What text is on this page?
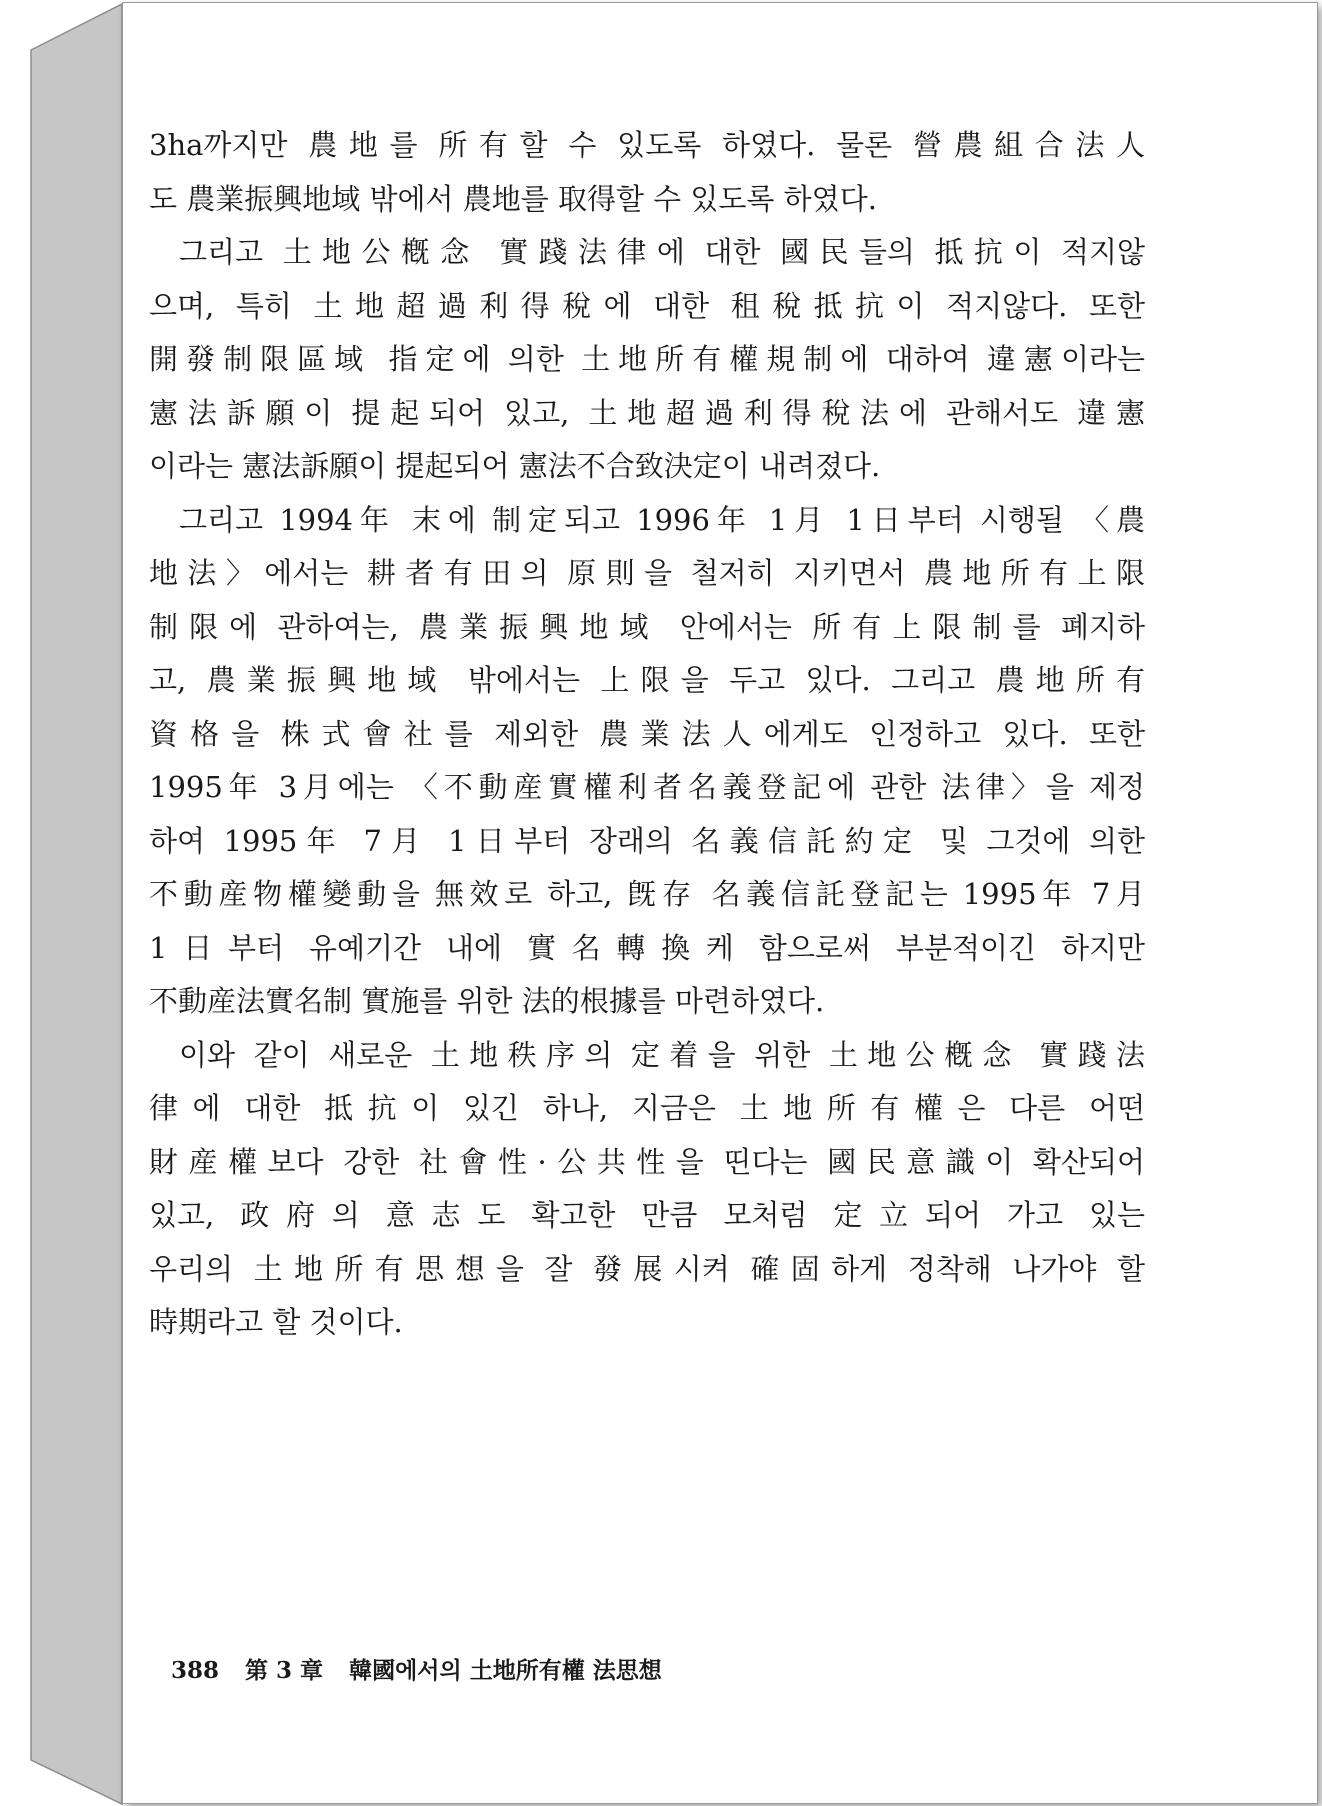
3ha까지만 農地를 所有할 수 있도록 하였다. 물론 營農組合法人
도 農業振興地域 밖에서 農地를 取得할 수 있도록 하였다.
그리고 土地公槪念 實踐法律에 대한 國民들의 抵抗이 적지않
으며, 특히 土地超過利得稅에 대한 租稅抵抗이 적지않다. 또한
開發制限區域 指定에 의한 土地所有權規制에 대하여 違憲이라는
憲法訴願이 提起되어 있고, 土地超過利得稅法에 관해서도 違憲
이라는 憲法訴願이 提起되어 憲法不合致決定이 내려졌다.
그리고 1994年 末에 制定되고 1996年 1月 1日부터 시행될 〈農
地法〉에서는 耕者有田의 原則을 철저히 지키면서 農地所有上限
制限에 관하여는, 農業振興地域 안에서는 所有上限制를 폐지하
고, 農業振興地域 밖에서는 上限을 두고 있다. 그리고 農地所有
資格을 株式會社를 제외한 農業法人에게도 인정하고 있다. 또한
1995年 3月에는 〈不動産實權利者名義登記에 관한 法律〉을 제정
하여 1995年 7月 1日부터 장래의 名義信託約定 및 그것에 의한
不動産物權變動을 無效로 하고, 旣存 名義信託登記는 1995年 7月
1日부터 유예기간 내에 實名轉換케 함으로써 부분적이긴 하지만
不動産法實名制 實施를 위한 法的根據를 마련하였다.
이와 같이 새로운 土地秩序의 定着을 위한 土地公槪念 實踐法
律에 대한 抵抗이 있긴 하나, 지금은 土地所有權은 다른 어떤
財産權보다 강한 社會性·公共性을 띤다는 國民意識이 확산되어
있고, 政府의 意志도 확고한 만큼 모처럼 定立되어 가고 있는
우리의 土地所有思想을 잘 發展시켜 確固하게 정착해 나가야 할
時期라고 할 것이다.
388 第 3 章 韓國에서의 土地所有權 法思想
